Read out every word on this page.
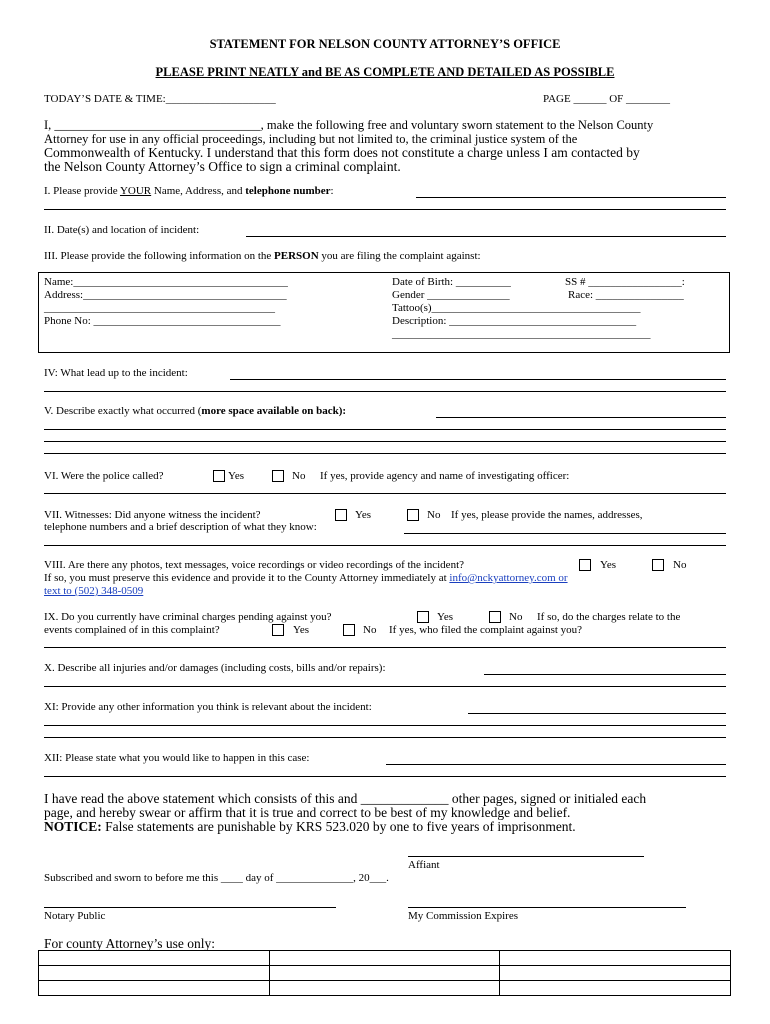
STATEMENT FOR NELSON COUNTY ATTORNEY’S OFFICE
PLEASE PRINT NEATLY and BE AS COMPLETE AND DETAILED AS POSSIBLE
TODAY’S DATE & TIME:____________________	PAGE ______ OF ________
I, _________________________________, make the following free and voluntary sworn statement to the Nelson County
Attorney for use in any official proceedings, including but not limited to, the criminal justice system of the
Commonwealth of Kentucky. I understand that this form does not constitute a charge unless I am contacted by
the Nelson County Attorney’s Office to sign a criminal complaint.
I. Please provide YOUR Name, Address, and telephone number:
II. Date(s) and location of incident:
III. Please provide the following information on the PERSON you are filing the complaint against:
Name:_______________________________________
Address:_____________________________________
__________________________________________
Phone No: __________________________________
Date of Birth: __________	SS # _________________:
Gender _______________	Race: ________________
Tattoo(s)______________________________________
Description: __________________________________
_______________________________________________
IV: What lead up to the incident:
V. Describe exactly what occurred (more space available on back):
VI. Were the police called?	Yes	No If yes, provide agency and name of investigating officer:
VII. Witnesses: Did anyone witness the incident?	Yes	No If yes, please provide the names, addresses,
telephone numbers and a brief description of what they know:
VIII. Are there any photos, text messages, voice recordings or video recordings of the incident?	Yes	No
If so, you must preserve this evidence and provide it to the County Attorney immediately at info@nckyattorney.com or
text to (502) 348-0509
IX. Do you currently have criminal charges pending against you?	Yes	No If so, do the charges relate to the
events complained of in this complaint?	Yes	No If yes, who filed the complaint against you?
X. Describe all injuries and/or damages (including costs, bills and/or repairs):
XI: Provide any other information you think is relevant about the incident:
XII: Please state what you would like to happen in this case:
I have read the above statement which consists of this and _____________ other pages, signed or initialed each
page, and hereby swear or affirm that it is true and correct to be best of my knowledge and belief.
NOTICE: False statements are punishable by KRS 523.020 by one to five years of imprisonment.
Affiant
Subscribed and sworn to before me this ____ day of ______________, 20___.
Notary Public	My Commission Expires
For county Attorney’s use only:
